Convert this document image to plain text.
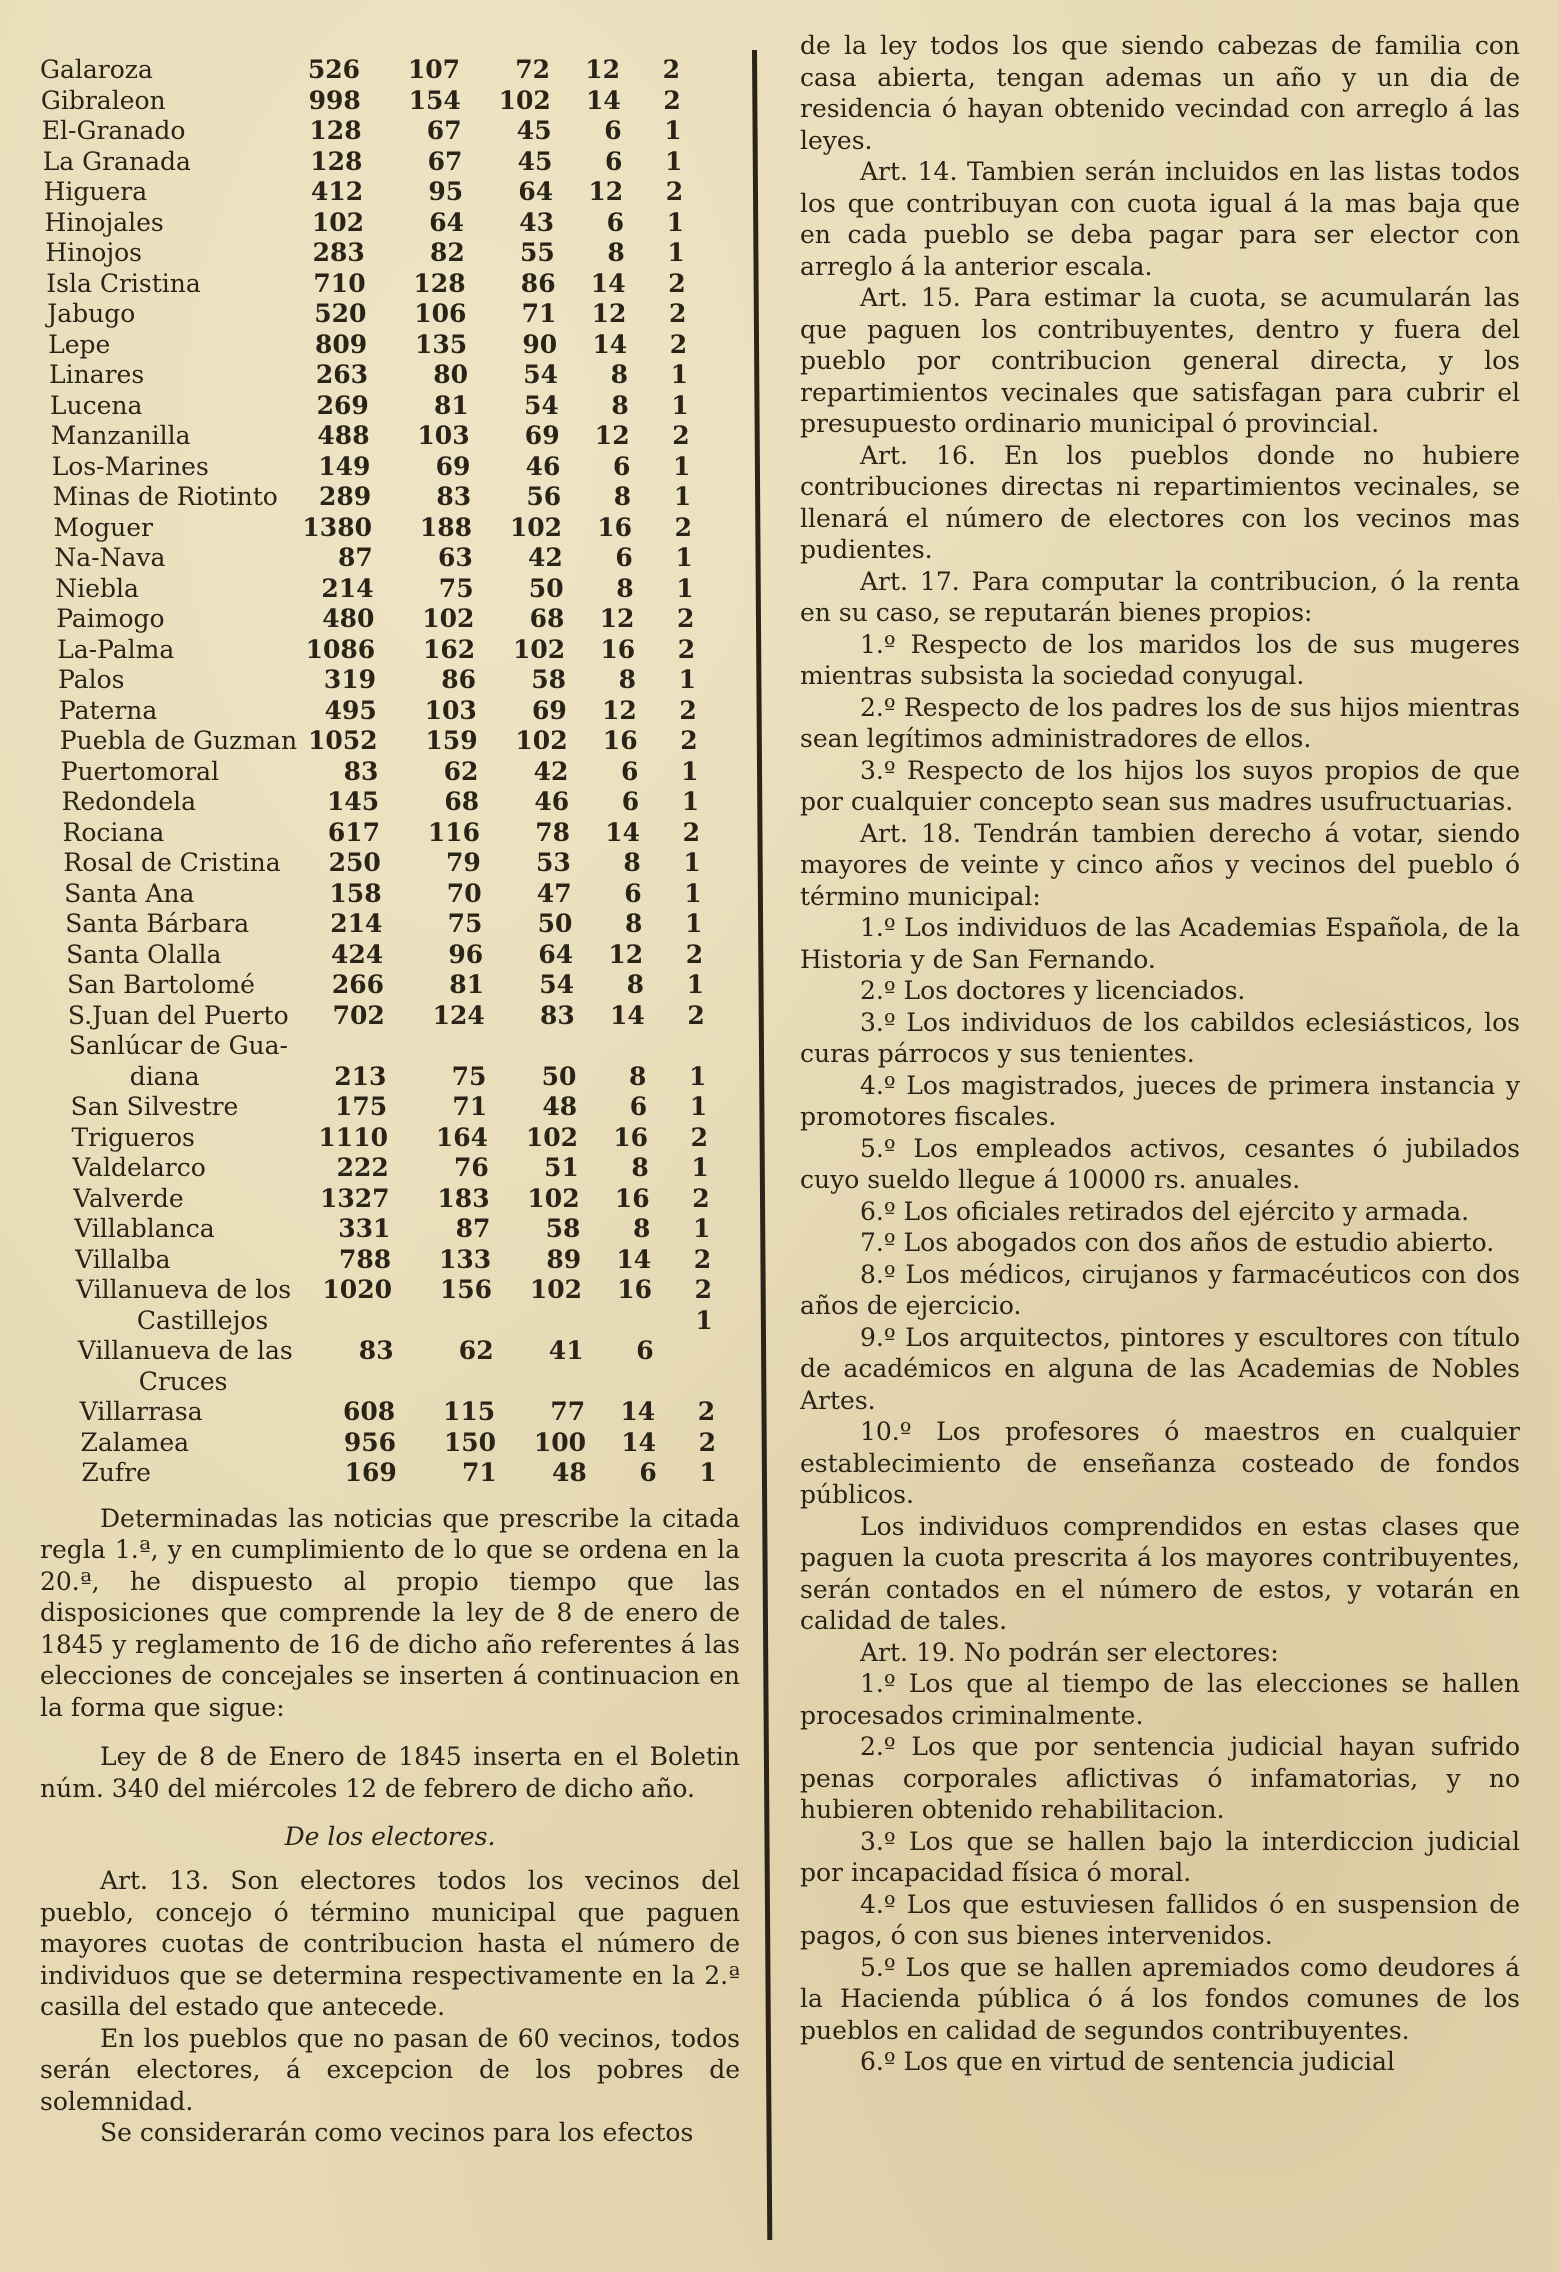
Galaroza	526	107	72	12	2
Gibraleon	998	154	102	14	2
El-Granado	128	67	45	6	1
La Granada	128	67	45	6	1
Higuera	412	95	64	12	2
Hinojales	102	64	43	6	1
Hinojos	283	82	55	8	1
Isla Cristina	710	128	86	14	2
Jabugo	520	106	71	12	2
Lepe	809	135	90	14	2
Linares	263	80	54	8	1
Lucena	269	81	54	8	1
Manzanilla	488	103	69	12	2
Los-Marines	149	69	46	6	1
Minas de Riotinto	289	83	56	8	1
Moguer	1380	188	102	16	2
Na-Nava	87	63	42	6	1
Niebla	214	75	50	8	1
Paimogo	480	102	68	12	2
La-Palma	1086	162	102	16	2
Palos	319	86	58	8	1
Paterna	495	103	69	12	2
Puebla de Guzman 1052	159	102	16	2
Puertomoral	83	62	42	6	1
Redondela	145	68	46	6	1
Rociana	617	116	78	14	2
Rosal de Cristina	250	79	53	8	1
Santa Ana	158	70	47	6	1
Santa Bárbara	214	75	50	8	1
Santa Olalla	424	96	64	12	2
San Bartolomé	266	81	54	8	1
S.Juan del Puerto	702	124	83	14	2
Sanlúcar de Gua-
diana	213	75	50	8	1
San Silvestre	175	71	48	6	1
Trigueros	1110	164	102	16	2
Valdelarco	222	76	51	8	1
Valverde	1327	183	102	16	2
Villablanca	331	87	58	8	1
Villalba	788	133	89	14	2
Villanueva de los 1020	156	102	16	2
Castillejos	1
Villanueva de las	83	62	41	6
Cruces
Villarrasa	608	115	77	14	2
Zalamea	956	150	100	14	2
Zufre	169	71	48	6	1

Determinadas las noticias que prescribe la citada regla 1.ª, y en cumplimiento de lo que se ordena en la 20.ª, he dispuesto al propio tiempo que las disposiciones que comprende la ley de 8 de enero de 1845 y reglamento de 16 de dicho año referentes á las elecciones de concejales se inserten á continuacion en la forma que sigue:

Ley de 8 de Enero de 1845 inserta en el Boletin núm. 340 del miércoles 12 de febrero de dicho año.

De los electores.

Art. 13. Son electores todos los vecinos del pueblo, concejo ó término municipal que paguen mayores cuotas de contribucion hasta el número de individuos que se determina respectivamente en la 2.ª casilla del estado que antecede.

En los pueblos que no pasan de 60 vecinos, todos serán electores, á excepcion de los pobres de solemnidad.

Se considerarán como vecinos para los efectos

de la ley todos los que siendo cabezas de familia con casa abierta, tengan ademas un año y un dia de residencia ó hayan obtenido vecindad con arreglo á las leyes.

Art. 14. Tambien serán incluidos en las listas todos los que contribuyan con cuota igual á la mas baja que en cada pueblo se deba pagar para ser elector con arreglo á la anterior escala.

Art. 15. Para estimar la cuota, se acumularán las que paguen los contribuyentes, dentro y fuera del pueblo por contribucion general directa, y los repartimientos vecinales que satisfagan para cubrir el presupuesto ordinario municipal ó provincial.

Art. 16. En los pueblos donde no hubiere contribuciones directas ni repartimientos vecinales, se llenará el número de electores con los vecinos mas pudientes.

Art. 17. Para computar la contribucion, ó la renta en su caso, se reputarán bienes propios:

1.º Respecto de los maridos los de sus mugeres mientras subsista la sociedad conyugal.

2.º Respecto de los padres los de sus hijos mientras sean legítimos administradores de ellos.

3.º Respecto de los hijos los suyos propios de que por cualquier concepto sean sus madres usufructuarias.

Art. 18. Tendrán tambien derecho á votar, siendo mayores de veinte y cinco años y vecinos del pueblo ó término municipal:

1.º Los individuos de las Academias Española, de la Historia y de San Fernando.

2.º Los doctores y licenciados.

3.º Los individuos de los cabildos eclesiásticos, los curas párrocos y sus tenientes.

4.º Los magistrados, jueces de primera instancia y promotores fiscales.

5.º Los empleados activos, cesantes ó jubilados cuyo sueldo llegue á 10000 rs. anuales.

6.º Los oficiales retirados del ejército y armada.

7.º Los abogados con dos años de estudio abierto.

8.º Los médicos, cirujanos y farmacéuticos con dos años de ejercicio.

9.º Los arquitectos, pintores y escultores con título de académicos en alguna de las Academias de Nobles Artes.

10.º Los profesores ó maestros en cualquier establecimiento de enseñanza costeado de fondos públicos.

Los individuos comprendidos en estas clases que paguen la cuota prescrita á los mayores contribuyentes, serán contados en el número de estos, y votarán en calidad de tales.

Art. 19. No podrán ser electores:

1.º Los que al tiempo de las elecciones se hallen procesados criminalmente.

2.º Los que por sentencia judicial hayan sufrido penas corporales aflictivas ó infamatorias, y no hubieren obtenido rehabilitacion.

3.º Los que se hallen bajo la interdiccion judicial por incapacidad física ó moral.

4.º Los que estuviesen fallidos ó en suspension de pagos, ó con sus bienes intervenidos.

5.º Los que se hallen apremiados como deudores á la Hacienda pública ó á los fondos comunes de los pueblos en calidad de segundos contribuyentes.

6.º Los que en virtud de sentencia judicial
